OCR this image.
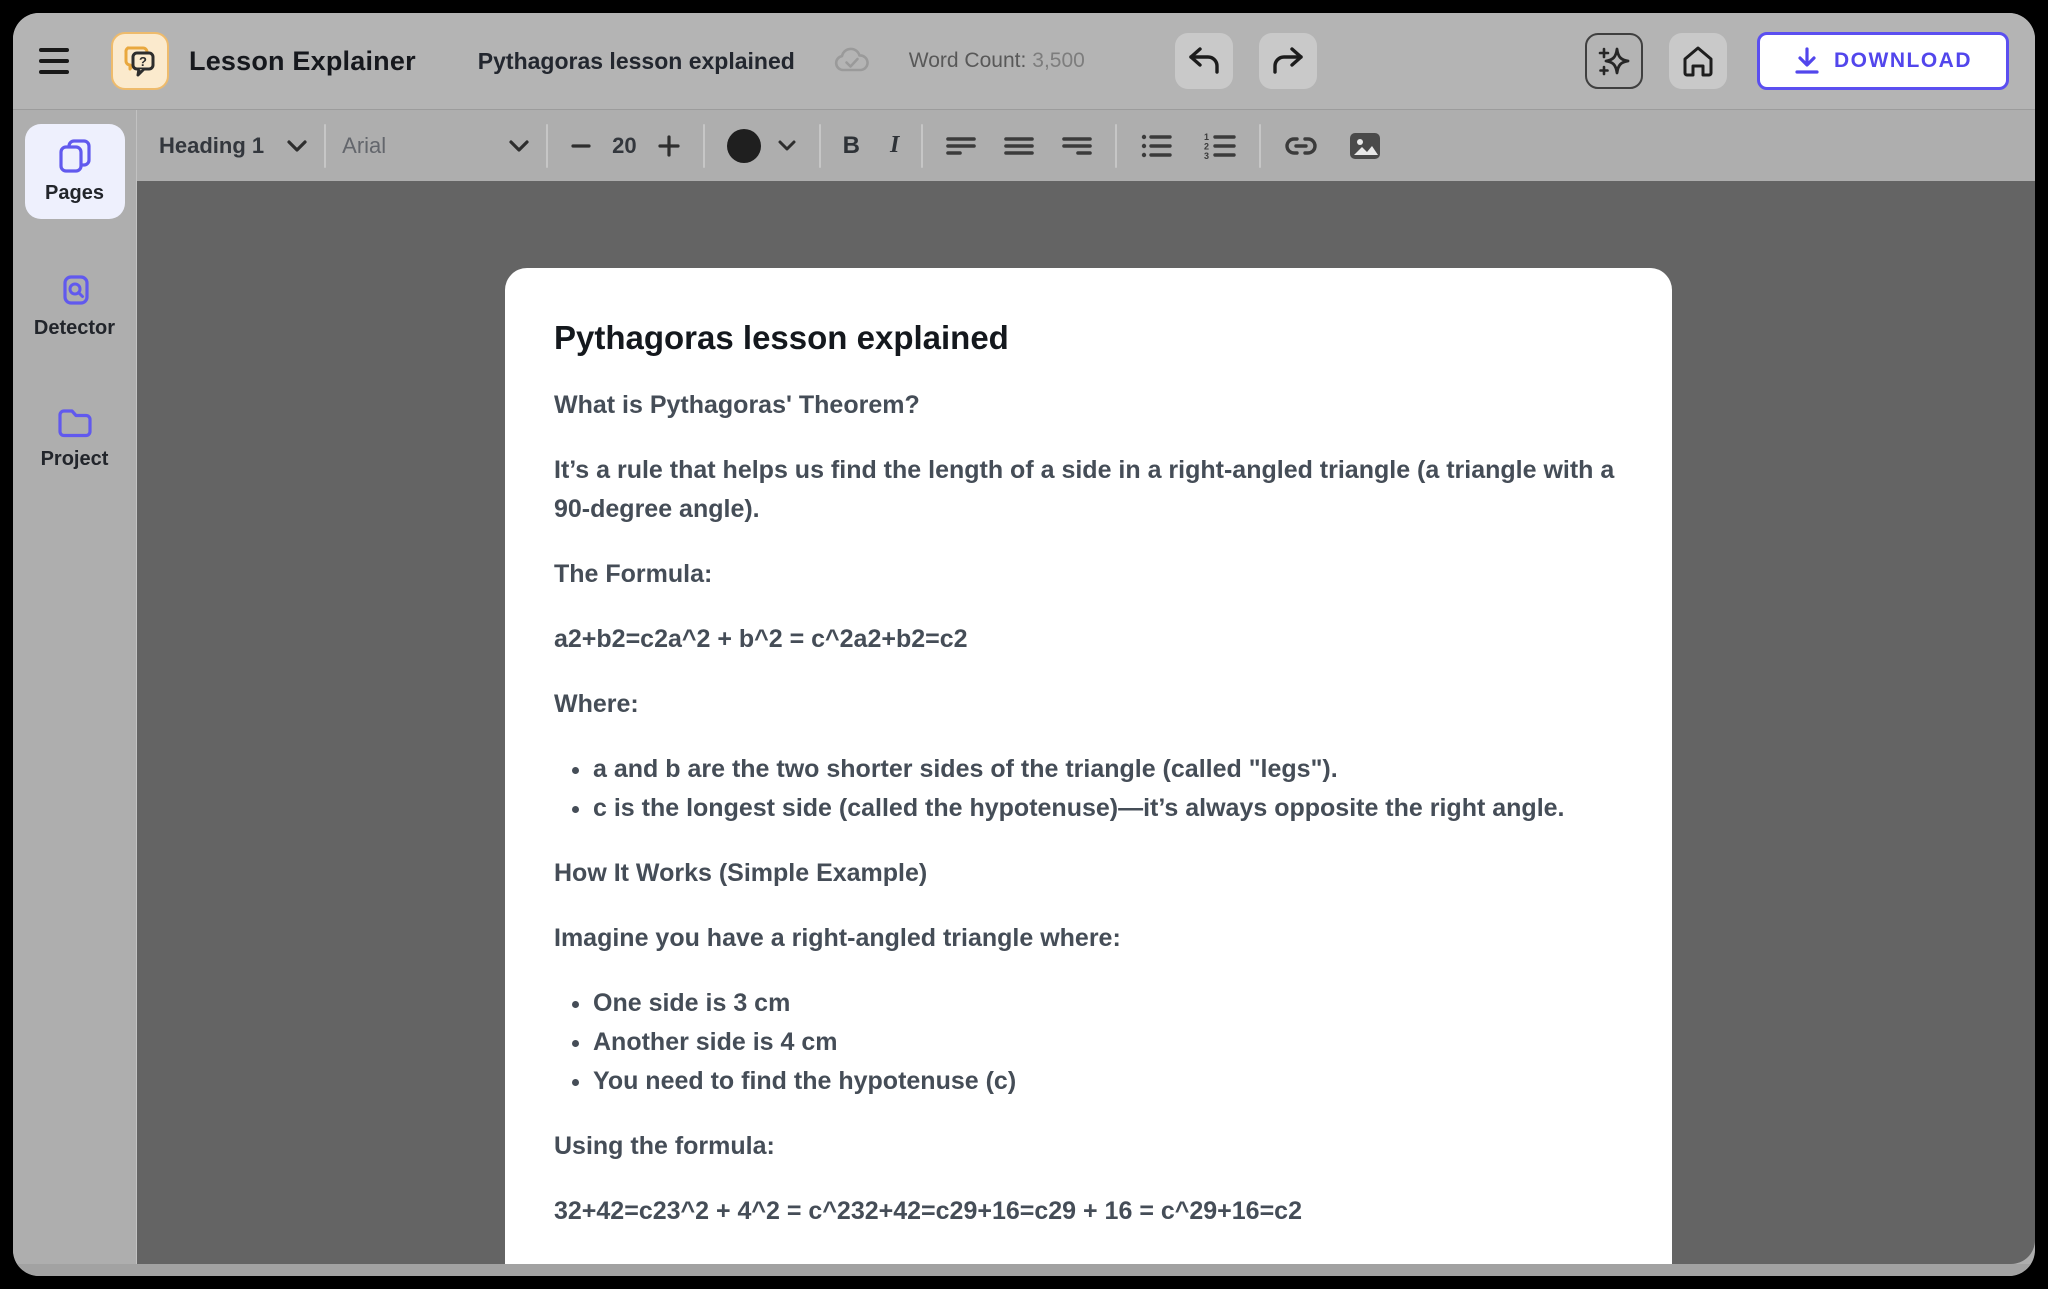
? Lesson Explainer	Pythagoras lesson explained	Word Count: 3,500	DOWNLOAD
Pages
Detector
Project
Heading 1	Arial	20	B I	1
2
3
Pythagoras lesson explained
What is Pythagoras' Theorem?

It’s a rule that helps us find the length of a side in a right-angled triangle (a triangle with a 90-degree angle).

The Formula:

a2+b2=c2a^2 + b^2 = c^2a2+b2=c2

Where:
• a and b are the two shorter sides of the triangle (called "legs").
• c is the longest side (called the hypotenuse)—it’s always opposite the right angle.
How It Works (Simple Example)

Imagine you have a right-angled triangle where:

• One side is 3 cm
• Another side is 4 cm
• You need to find the hypotenuse (c)
Using the formula:

32+42=c23^2 + 4^2 = c^232+42=c29+16=c29 + 16 = c^29+16=c2
